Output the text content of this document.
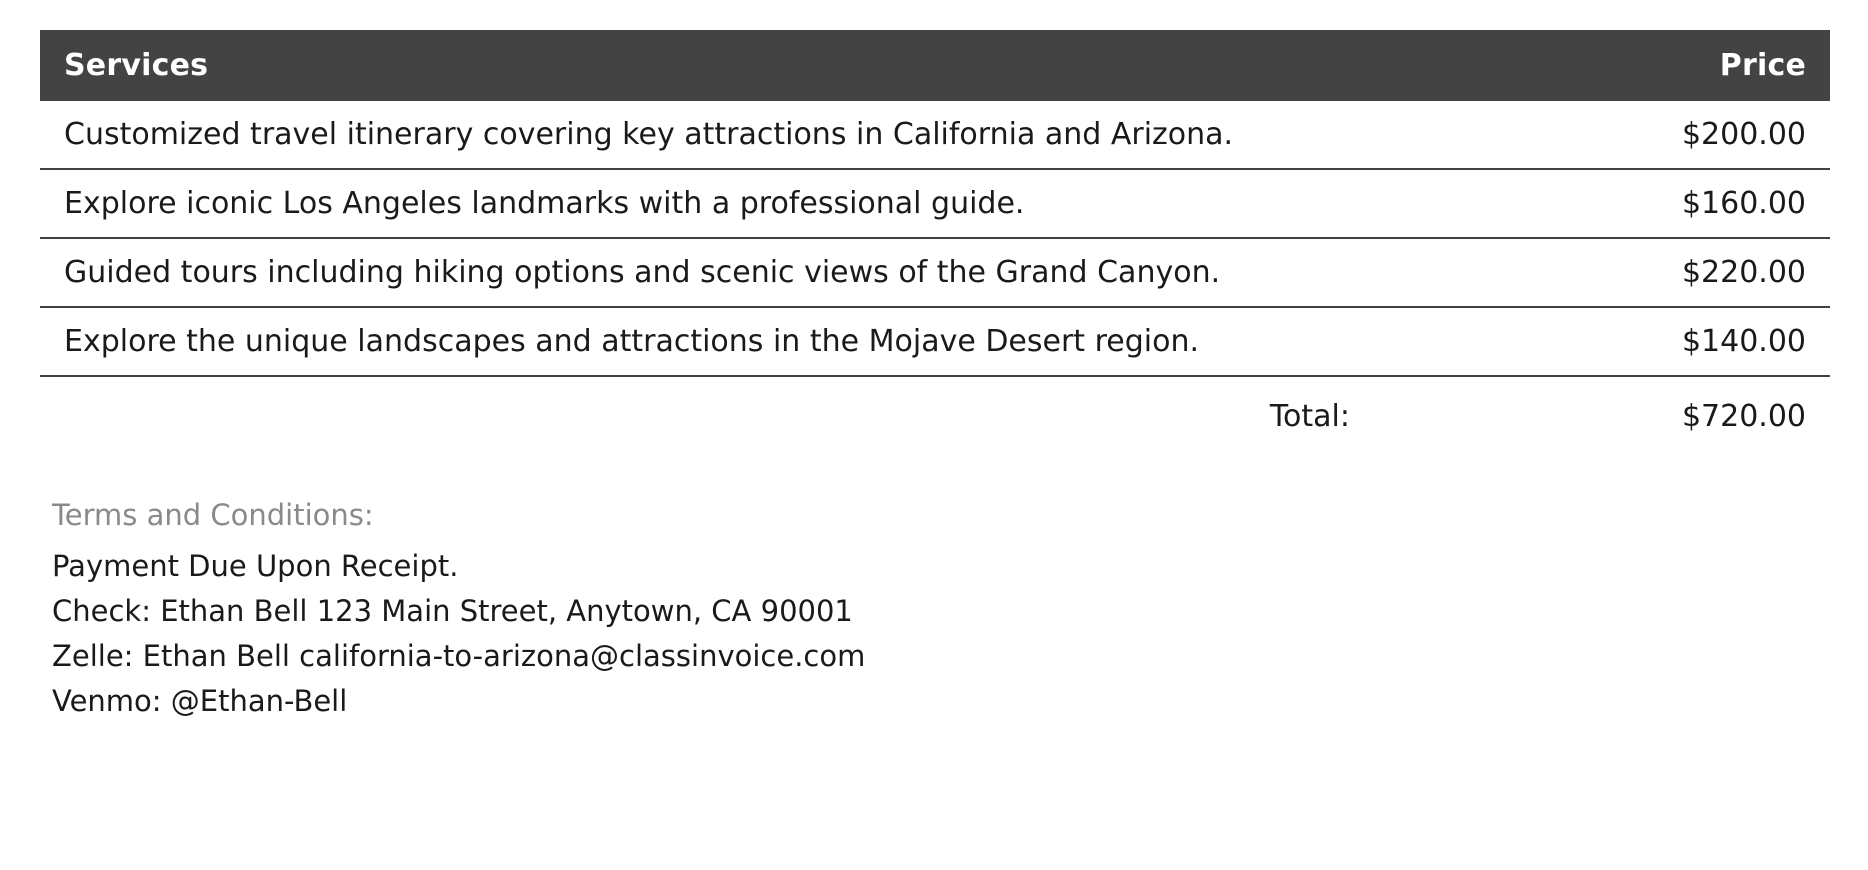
Services	Price
Customized travel itinerary covering key attractions in California and Arizona.	$200.00
Explore iconic Los Angeles landmarks with a professional guide.	$160.00
Guided tours including hiking options and scenic views of the Grand Canyon.	$220.00
Explore the unique landscapes and attractions in the Mojave Desert region.	$140.00
Total:	$720.00
Terms and Conditions:
Payment Due Upon Receipt.
Check: Ethan Bell 123 Main Street, Anytown, CA 90001
Zelle: Ethan Bell california-to-arizona@classinvoice.com
Venmo: @Ethan-Bell
